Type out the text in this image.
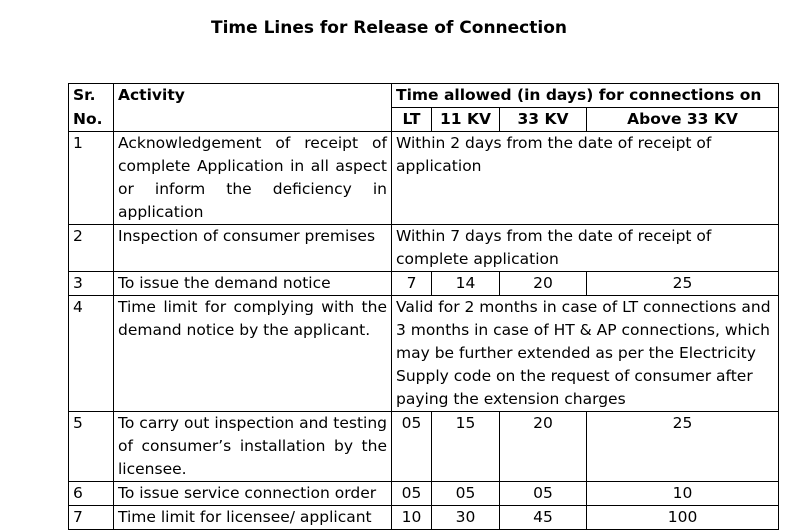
Time Lines for Release of Connection
Sr.	Activity	Time allowed (in days) for connections on			
No.		LT	11 KV	33 KV	Above 33 KV
1	Acknowledgement of receipt of complete Application in all aspect or inform the deficiency in application	Within 2 days from the date of receipt of application			
2	Inspection of consumer premises	Within 7 days from the date of receipt of complete application			
3	To issue the demand notice	7	14	20	25
4	Time limit for complying with the demand notice by the applicant.	Valid for 2 months in case of LT connections and 3 months in case of HT & AP connections, which may be further extended as per the Electricity Supply code on the request of consumer after paying the extension charges			
5	To carry out inspection and testing of consumer’s installation by the licensee.	05	15	20	25
6	To issue service connection order	05	05	05	10
7	Time limit for licensee/ applicant	10	30	45	100
